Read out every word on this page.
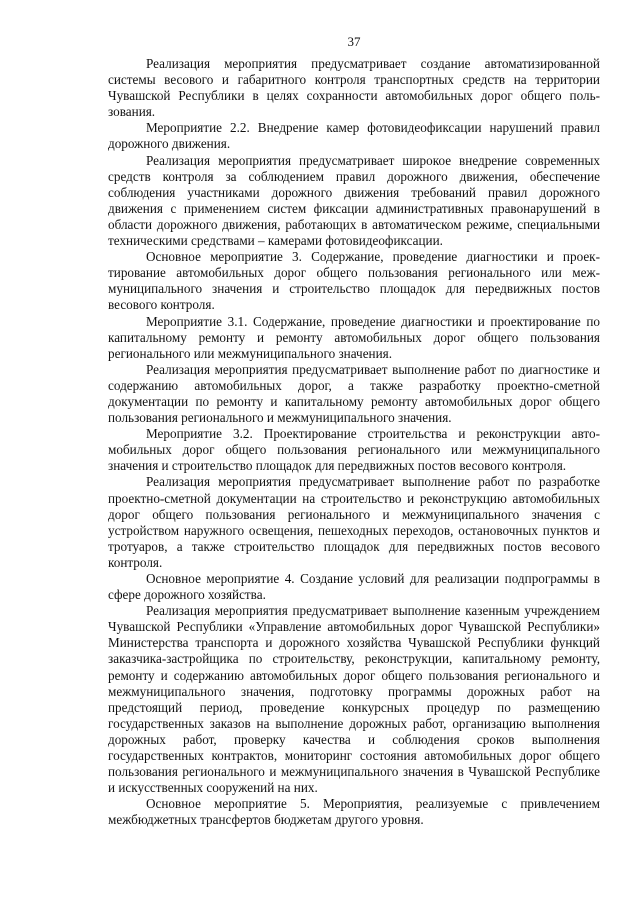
37

Реализация мероприятия предусматривает создание автоматизированной системы весового и габаритного контроля транспортных средств на территории Чувашской Республики в целях сохранности автомобильных дорог общего пользования.

Мероприятие 2.2. Внедрение камер фотовидеофиксации нарушений правил дорожного движения.

Реализация мероприятия предусматривает широкое внедрение современных средств контроля за соблюдением правил дорожного движения, обеспечение соблюдения участниками дорожного движения требований правил дорожного движения с применением систем фиксации административных правонарушений в области дорожного движения, работающих в автоматическом режиме, специальными техническими средствами – камерами фотовидеофиксации.

Основное мероприятие 3. Содержание, проведение диагностики и проектирование автомобильных дорог общего пользования регионального или межмуниципального значения и строительство площадок для передвижных постов весового контроля.

Мероприятие 3.1. Содержание, проведение диагностики и проектирование по капитальному ремонту и ремонту автомобильных дорог общего пользования регионального или межмуниципального значения.

Реализация мероприятия предусматривает выполнение работ по диагностике и содержанию автомобильных дорог, а также разработку проектно-сметной документации по ремонту и капитальному ремонту автомобильных дорог общего пользования регионального и межмуниципального значения.

Мероприятие 3.2. Проектирование строительства и реконструкции автомобильных дорог общего пользования регионального или межмуниципального значения и строительство площадок для передвижных постов весового контроля.

Реализация мероприятия предусматривает выполнение работ по разработке проектно-сметной документации на строительство и реконструкцию автомобильных дорог общего пользования регионального и межмуниципального значения с устройством наружного освещения, пешеходных переходов, остановочных пунктов и тротуаров, а также строительство площадок для передвижных постов весового контроля.

Основное мероприятие 4. Создание условий для реализации подпрограммы в сфере дорожного хозяйства.

Реализация мероприятия предусматривает выполнение казенным учреждением Чувашской Республики «Управление автомобильных дорог Чувашской Республики» Министерства транспорта и дорожного хозяйства Чувашской Республики функций заказчика-застройщика по строительству, реконструкции, капитальному ремонту, ремонту и содержанию автомобильных дорог общего пользования регионального и межмуниципального значения, подготовку программы дорожных работ на предстоящий период, проведение конкурсных процедур по размещению государственных заказов на выполнение дорожных работ, организацию выполнения дорожных работ, проверку качества и соблюдения сроков выполнения государственных контрактов, мониторинг состояния автомобильных дорог общего пользования регионального и межмуниципального значения в Чувашской Республике и искусственных сооружений на них.

Основное мероприятие 5. Мероприятия, реализуемые с привлечением межбюджетных трансфертов бюджетам другого уровня.
